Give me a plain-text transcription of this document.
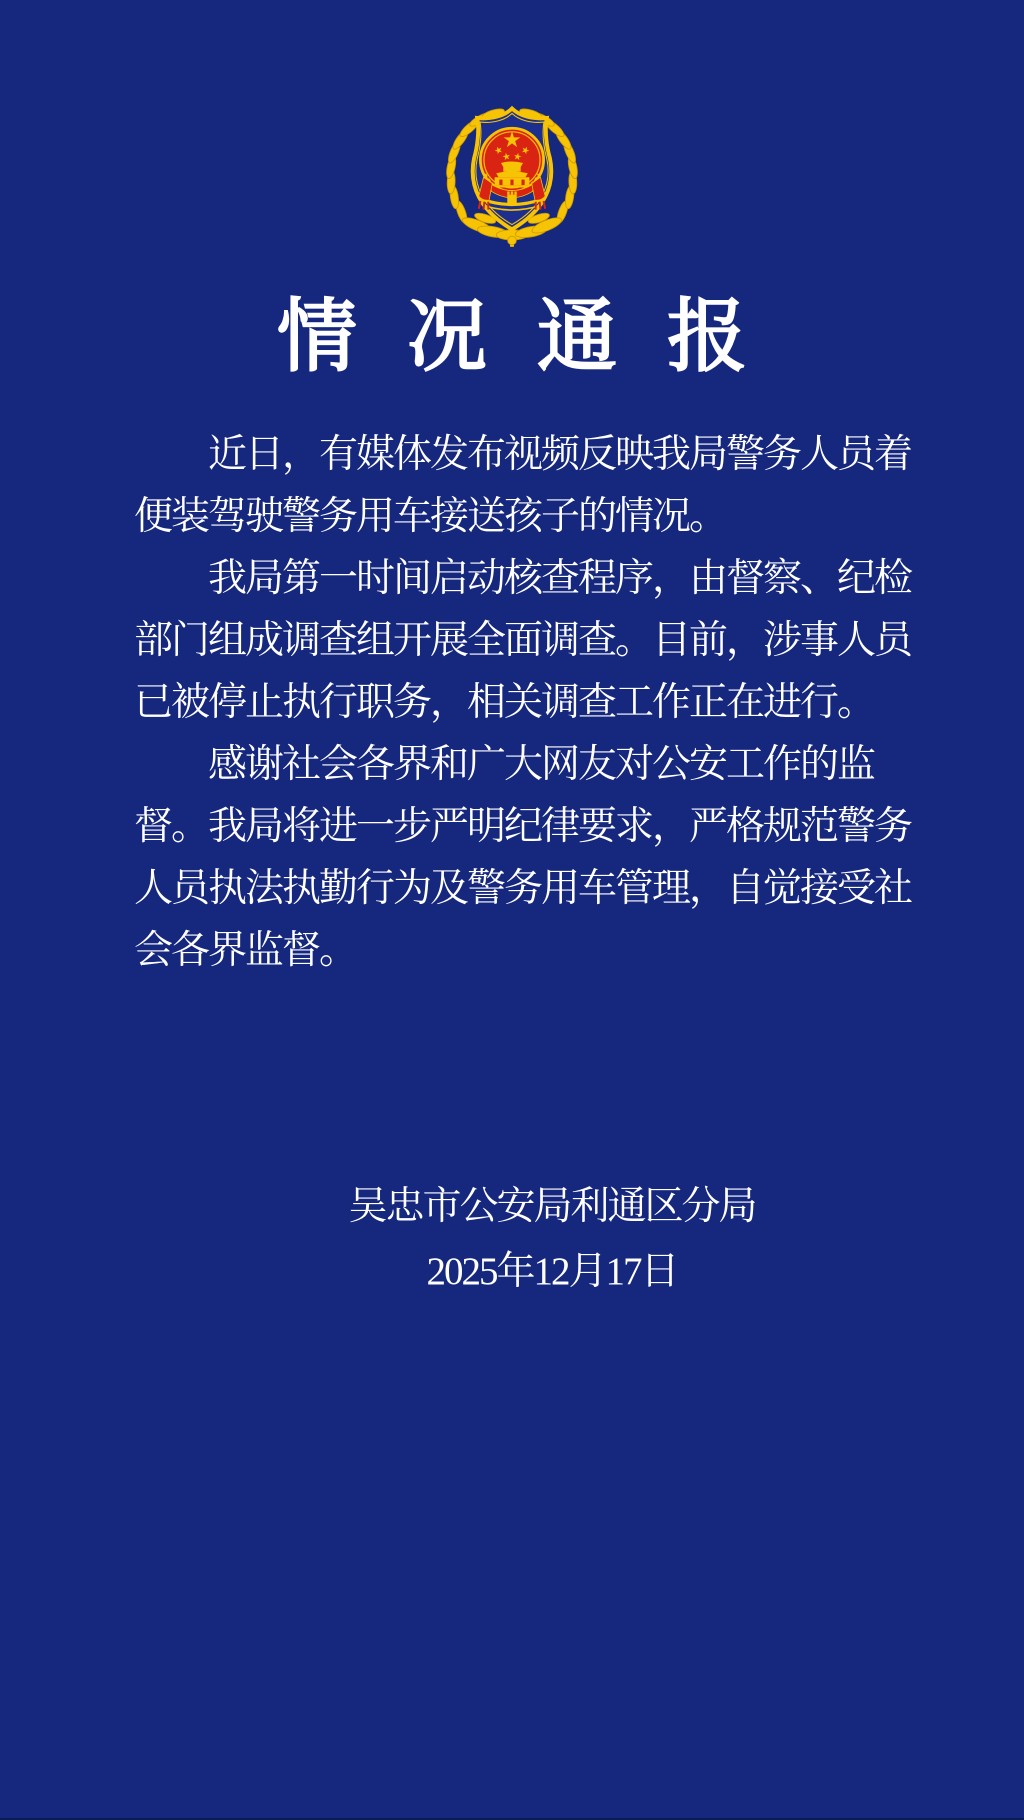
情况通报
近日，有媒体发布视频反映我局警务人员着
便装驾驶警务用车接送孩子的情况。
我局第一时间启动核查程序，由督察、纪检
部门组成调查组开展全面调查。目前，涉事人员
已被停止执行职务，相关调查工作正在进行。
感谢社会各界和广大网友对公安工作的监
督。我局将进一步严明纪律要求，严格规范警务
人员执法执勤行为及警务用车管理，自觉接受社
会各界监督。
吴忠市公安局利通区分局
2025年12月17日
